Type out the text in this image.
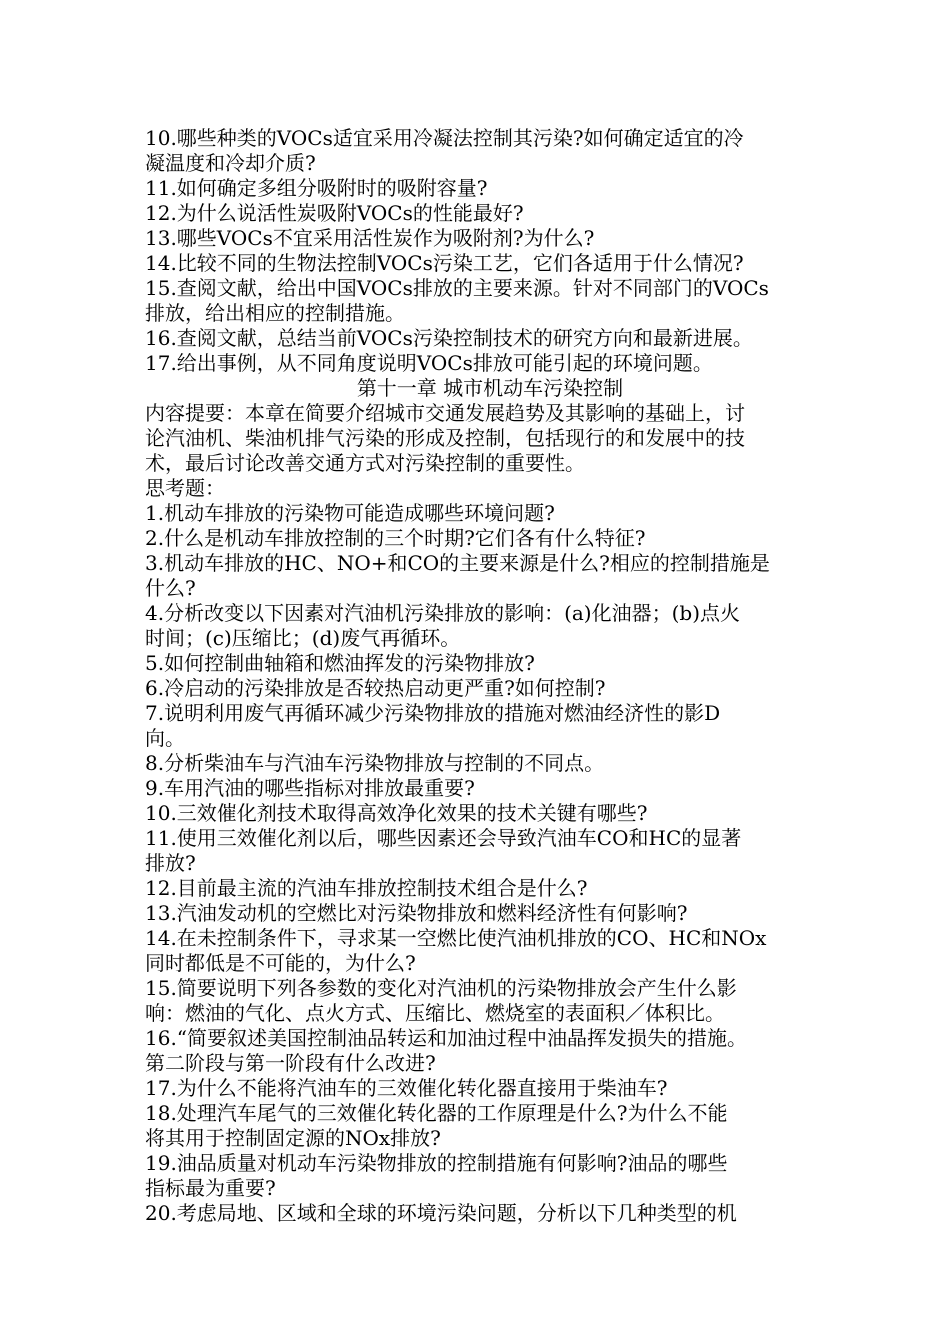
10.哪些种类的VOCs适宜采用冷凝法控制其污染?如何确定适宜的冷
凝温度和冷却介质?
11.如何确定多组分吸附时的吸附容量?
12.为什么说活性炭吸附VOCs的性能最好?
13.哪些VOCs不宜采用活性炭作为吸附剂?为什么?
14.比较不同的生物法控制VOCs污染工艺，它们各适用于什么情况?
15.查阅文献，给出中国VOCs排放的主要来源。针对不同部门的VOCs
排放，给出相应的控制措施。
16.查阅文献，总结当前VOCs污染控制技术的研究方向和最新进展。
17.给出事例，从不同角度说明VOCs排放可能引起的环境问题。
第十一章 城市机动车污染控制
内容提要：本章在简要介绍城市交通发展趋势及其影响的基础上，讨
论汽油机、柴油机排气污染的形成及控制，包括现行的和发展中的技
术，最后讨论改善交通方式对污染控制的重要性。
思考题：
1.机动车排放的污染物可能造成哪些环境问题?
2.什么是机动车排放控制的三个时期?它们各有什么特征?
3.机动车排放的HC、NO+和CO的主要来源是什么?相应的控制措施是
什么?
4.分析改变以下因素对汽油机污染排放的影响：(a)化油器；(b)点火
时间；(c)压缩比；(d)废气再循环。
5.如何控制曲轴箱和燃油挥发的污染物排放?
6.冷启动的污染排放是否较热启动更严重?如何控制?
7.说明利用废气再循环减少污染物排放的措施对燃油经济性的影D
向。
8.分析柴油车与汽油车污染物排放与控制的不同点。
9.车用汽油的哪些指标对排放最重要?
10.三效催化剂技术取得高效净化效果的技术关键有哪些?
11.使用三效催化剂以后，哪些因素还会导致汽油车CO和HC的显著
排放?
12.目前最主流的汽油车排放控制技术组合是什么?
13.汽油发动机的空燃比对污染物排放和燃料经济性有何影响?
14.在未控制条件下，寻求某一空燃比使汽油机排放的CO、HC和NOx
同时都低是不可能的，为什么?
15.简要说明下列各参数的变化对汽油机的污染物排放会产生什么影
响：燃油的气化、点火方式、压缩比、燃烧室的表面积／体积比。
16.“简要叙述美国控制油品转运和加油过程中油晶挥发损失的措施。
第二阶段与第一阶段有什么改进?
17.为什么不能将汽油车的三效催化转化器直接用于柴油车?
18.处理汽车尾气的三效催化转化器的工作原理是什么?为什么不能
将其用于控制固定源的NOx排放?
19.油品质量对机动车污染物排放的控制措施有何影响?油品的哪些
指标最为重要?
20.考虑局地、区域和全球的环境污染问题，分析以下几种类型的机
